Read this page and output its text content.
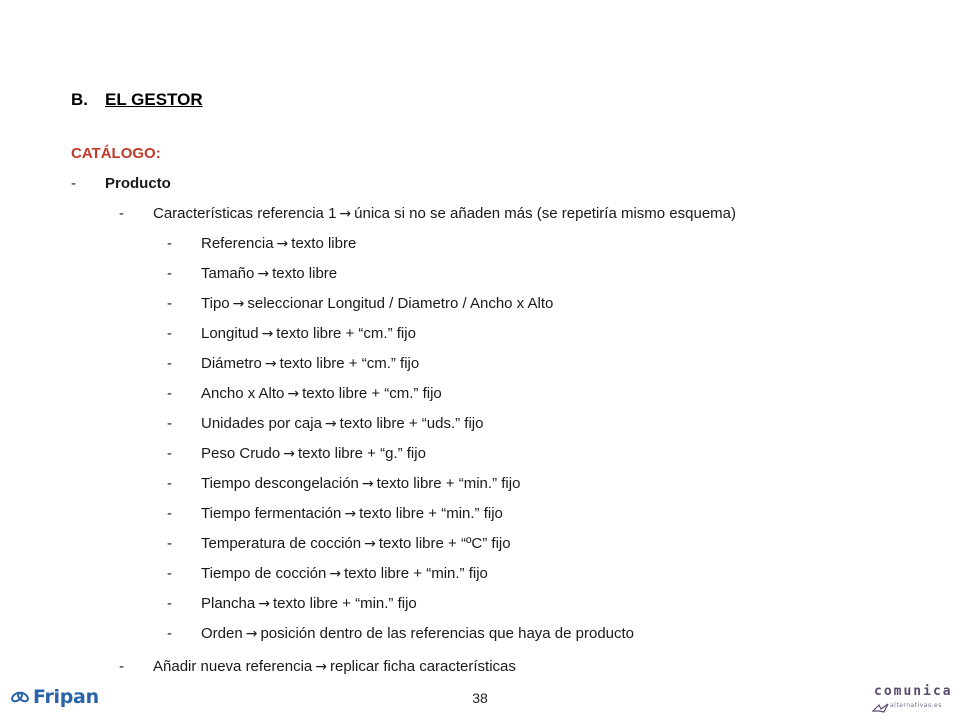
B. EL GESTOR
CATÁLOGO:
- Producto
- Características referencia 1 → única si no se añaden más (se repetiría mismo esquema)
- Referencia → texto libre
- Tamaño → texto libre
- Tipo → seleccionar Longitud / Diametro / Ancho x Alto
- Longitud → texto libre + “cm.” fijo
- Diámetro → texto libre + “cm.” fijo
- Ancho x Alto → texto libre + “cm.” fijo
- Unidades por caja → texto libre + “uds.” fijo
- Peso Crudo → texto libre + “g.” fijo
- Tiempo descongelación → texto libre + “min.” fijo
- Tiempo fermentación → texto libre + “min.” fijo
- Temperatura de cocción → texto libre + “ºC” fijo
- Tiempo de cocción → texto libre + “min.” fijo
- Plancha → texto libre + “min.” fijo
- Orden → posición dentro de las referencias que haya de producto
- Añadir nueva referencia → replicar ficha características
38
Fripan	comunica
alternativas.es
